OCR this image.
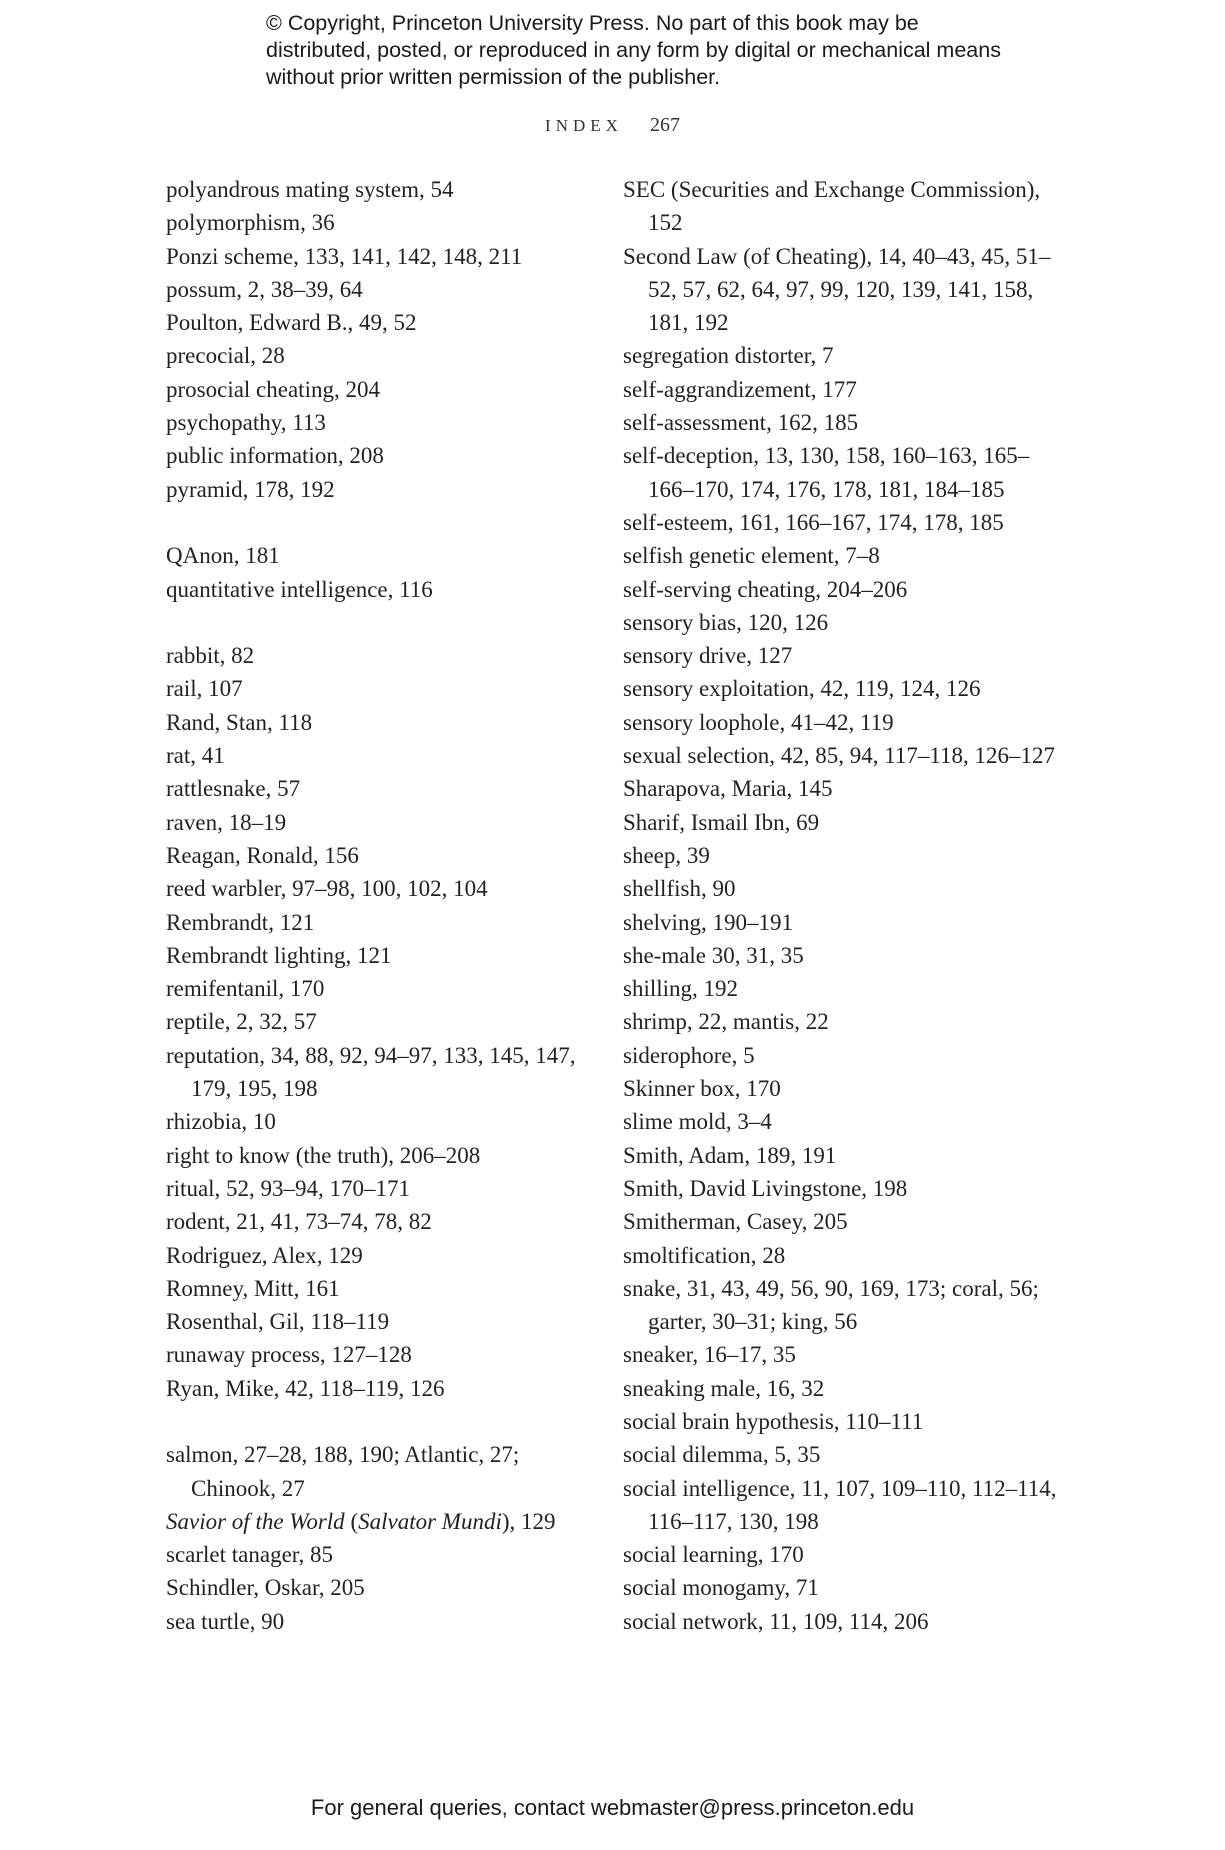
© Copyright, Princeton University Press. No part of this book may be distributed, posted, or reproduced in any form by digital or mechanical means without prior written permission of the publisher.
INDEX 267
polyandrous mating system, 54
polymorphism, 36
Ponzi scheme, 133, 141, 142, 148, 211
possum, 2, 38–39, 64
Poulton, Edward B., 49, 52
precocial, 28
prosocial cheating, 204
psychopathy, 113
public information, 208
pyramid, 178, 192
QAnon, 181
quantitative intelligence, 116
rabbit, 82
rail, 107
Rand, Stan, 118
rat, 41
rattlesnake, 57
raven, 18–19
Reagan, Ronald, 156
reed warbler, 97–98, 100, 102, 104
Rembrandt, 121
Rembrandt lighting, 121
remifentanil, 170
reptile, 2, 32, 57
reputation, 34, 88, 92, 94–97, 133, 145, 147, 179, 195, 198
rhizobia, 10
right to know (the truth), 206–208
ritual, 52, 93–94, 170–171
rodent, 21, 41, 73–74, 78, 82
Rodriguez, Alex, 129
Romney, Mitt, 161
Rosenthal, Gil, 118–119
runaway process, 127–128
Ryan, Mike, 42, 118–119, 126
salmon, 27–28, 188, 190; Atlantic, 27; Chinook, 27
Savior of the World (Salvator Mundi), 129
scarlet tanager, 85
Schindler, Oskar, 205
sea turtle, 90
SEC (Securities and Exchange Commission), 152
Second Law (of Cheating), 14, 40–43, 45, 51–52, 57, 62, 64, 97, 99, 120, 139, 141, 158, 181, 192
segregation distorter, 7
self-aggrandizement, 177
self-assessment, 162, 185
self-deception, 13, 130, 158, 160–163, 165–166–170, 174, 176, 178, 181, 184–185
self-esteem, 161, 166–167, 174, 178, 185
selfish genetic element, 7–8
self-serving cheating, 204–206
sensory bias, 120, 126
sensory drive, 127
sensory exploitation, 42, 119, 124, 126
sensory loophole, 41–42, 119
sexual selection, 42, 85, 94, 117–118, 126–127
Sharapova, Maria, 145
Sharif, Ismail Ibn, 69
sheep, 39
shellfish, 90
shelving, 190–191
she-male 30, 31, 35
shilling, 192
shrimp, 22, mantis, 22
siderophore, 5
Skinner box, 170
slime mold, 3–4
Smith, Adam, 189, 191
Smith, David Livingstone, 198
Smitherman, Casey, 205
smoltification, 28
snake, 31, 43, 49, 56, 90, 169, 173; coral, 56; garter, 30–31; king, 56
sneaker, 16–17, 35
sneaking male, 16, 32
social brain hypothesis, 110–111
social dilemma, 5, 35
social intelligence, 11, 107, 109–110, 112–114, 116–117, 130, 198
social learning, 170
social monogamy, 71
social network, 11, 109, 114, 206
For general queries, contact webmaster@press.princeton.edu
